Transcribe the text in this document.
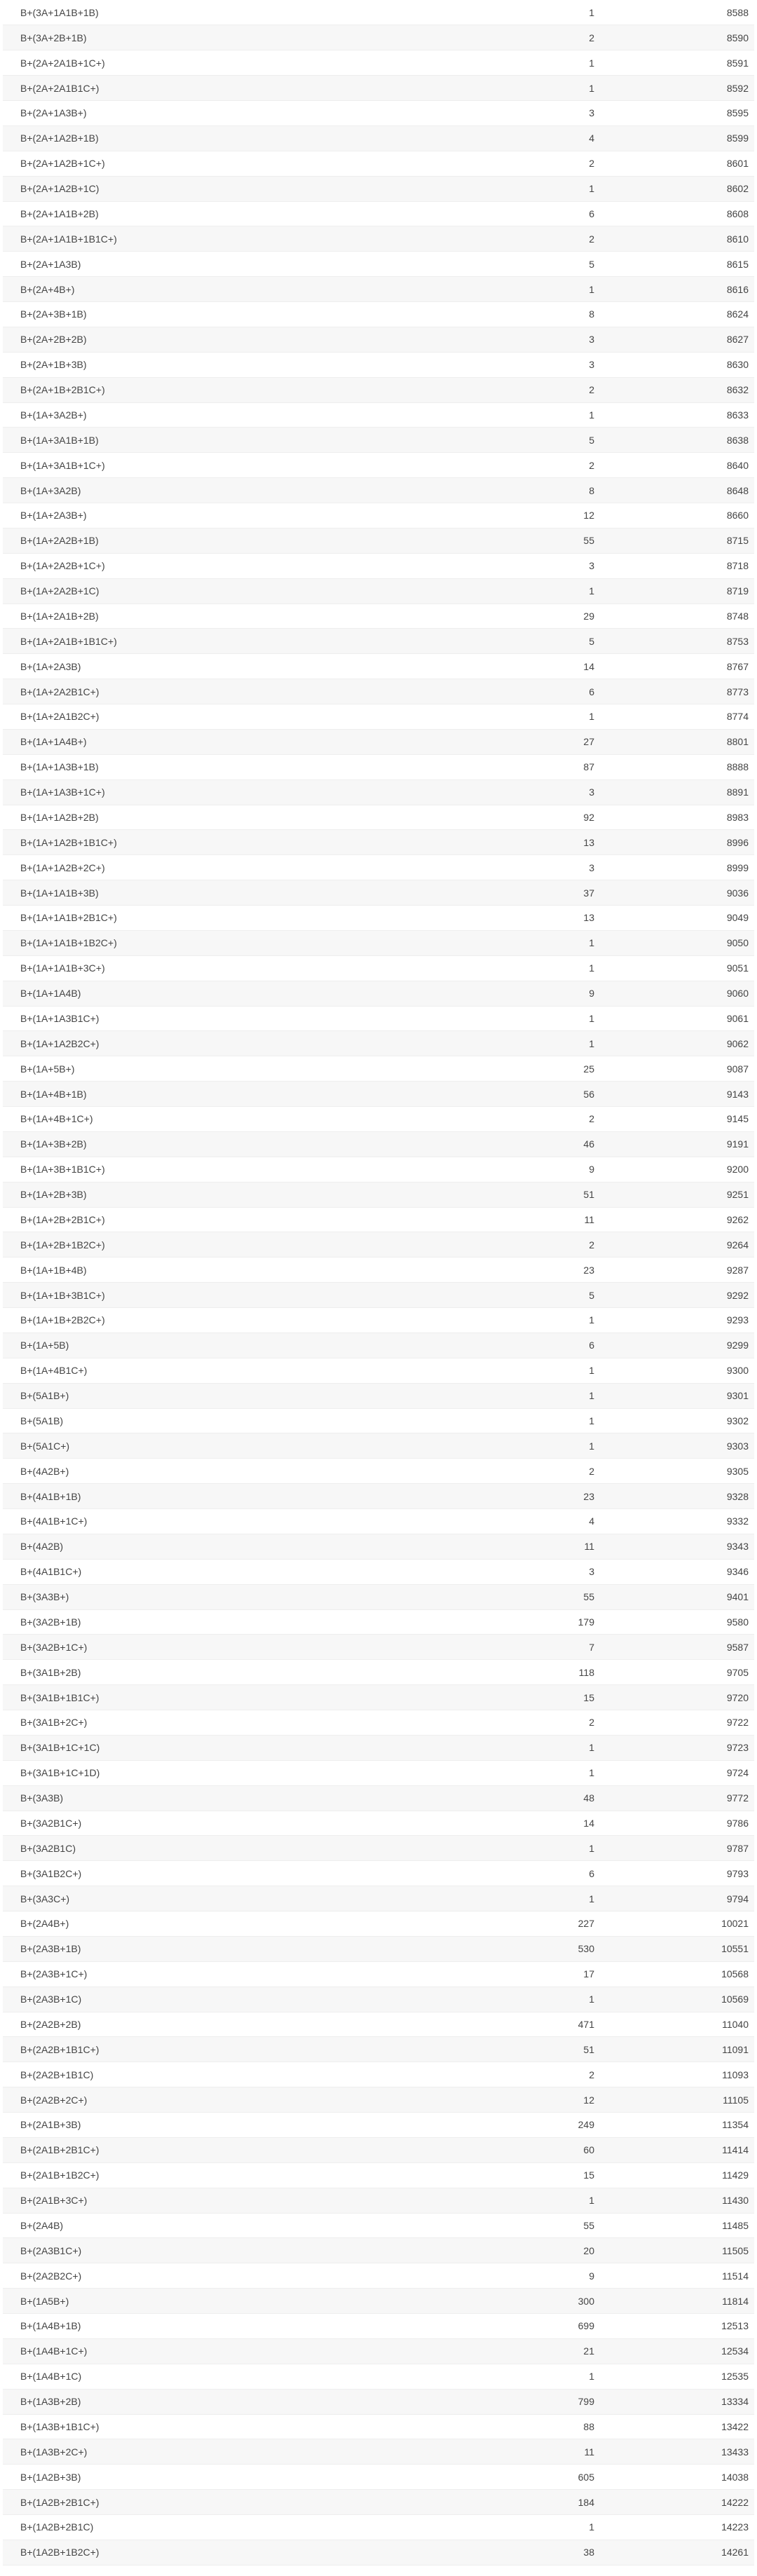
B+(3A+1A1B+1B)	1	8588
B+(3A+2B+1B)	2	8590
B+(2A+2A1B+1C+)	1	8591
B+(2A+2A1B1C+)	1	8592
B+(2A+1A3B+)	3	8595
B+(2A+1A2B+1B)	4	8599
B+(2A+1A2B+1C+)	2	8601
B+(2A+1A2B+1C)	1	8602
B+(2A+1A1B+2B)	6	8608
B+(2A+1A1B+1B1C+)	2	8610
B+(2A+1A3B)	5	8615
B+(2A+4B+)	1	8616
B+(2A+3B+1B)	8	8624
B+(2A+2B+2B)	3	8627
B+(2A+1B+3B)	3	8630
B+(2A+1B+2B1C+)	2	8632
B+(1A+3A2B+)	1	8633
B+(1A+3A1B+1B)	5	8638
B+(1A+3A1B+1C+)	2	8640
B+(1A+3A2B)	8	8648
B+(1A+2A3B+)	12	8660
B+(1A+2A2B+1B)	55	8715
B+(1A+2A2B+1C+)	3	8718
B+(1A+2A2B+1C)	1	8719
B+(1A+2A1B+2B)	29	8748
B+(1A+2A1B+1B1C+)	5	8753
B+(1A+2A3B)	14	8767
B+(1A+2A2B1C+)	6	8773
B+(1A+2A1B2C+)	1	8774
B+(1A+1A4B+)	27	8801
B+(1A+1A3B+1B)	87	8888
B+(1A+1A3B+1C+)	3	8891
B+(1A+1A2B+2B)	92	8983
B+(1A+1A2B+1B1C+)	13	8996
B+(1A+1A2B+2C+)	3	8999
B+(1A+1A1B+3B)	37	9036
B+(1A+1A1B+2B1C+)	13	9049
B+(1A+1A1B+1B2C+)	1	9050
B+(1A+1A1B+3C+)	1	9051
B+(1A+1A4B)	9	9060
B+(1A+1A3B1C+)	1	9061
B+(1A+1A2B2C+)	1	9062
B+(1A+5B+)	25	9087
B+(1A+4B+1B)	56	9143
B+(1A+4B+1C+)	2	9145
B+(1A+3B+2B)	46	9191
B+(1A+3B+1B1C+)	9	9200
B+(1A+2B+3B)	51	9251
B+(1A+2B+2B1C+)	11	9262
B+(1A+2B+1B2C+)	2	9264
B+(1A+1B+4B)	23	9287
B+(1A+1B+3B1C+)	5	9292
B+(1A+1B+2B2C+)	1	9293
B+(1A+5B)	6	9299
B+(1A+4B1C+)	1	9300
B+(5A1B+)	1	9301
B+(5A1B)	1	9302
B+(5A1C+)	1	9303
B+(4A2B+)	2	9305
B+(4A1B+1B)	23	9328
B+(4A1B+1C+)	4	9332
B+(4A2B)	11	9343
B+(4A1B1C+)	3	9346
B+(3A3B+)	55	9401
B+(3A2B+1B)	179	9580
B+(3A2B+1C+)	7	9587
B+(3A1B+2B)	118	9705
B+(3A1B+1B1C+)	15	9720
B+(3A1B+2C+)	2	9722
B+(3A1B+1C+1C)	1	9723
B+(3A1B+1C+1D)	1	9724
B+(3A3B)	48	9772
B+(3A2B1C+)	14	9786
B+(3A2B1C)	1	9787
B+(3A1B2C+)	6	9793
B+(3A3C+)	1	9794
B+(2A4B+)	227	10021
B+(2A3B+1B)	530	10551
B+(2A3B+1C+)	17	10568
B+(2A3B+1C)	1	10569
B+(2A2B+2B)	471	11040
B+(2A2B+1B1C+)	51	11091
B+(2A2B+1B1C)	2	11093
B+(2A2B+2C+)	12	11105
B+(2A1B+3B)	249	11354
B+(2A1B+2B1C+)	60	11414
B+(2A1B+1B2C+)	15	11429
B+(2A1B+3C+)	1	11430
B+(2A4B)	55	11485
B+(2A3B1C+)	20	11505
B+(2A2B2C+)	9	11514
B+(1A5B+)	300	11814
B+(1A4B+1B)	699	12513
B+(1A4B+1C+)	21	12534
B+(1A4B+1C)	1	12535
B+(1A3B+2B)	799	13334
B+(1A3B+1B1C+)	88	13422
B+(1A3B+2C+)	11	13433
B+(1A2B+3B)	605	14038
B+(1A2B+2B1C+)	184	14222
B+(1A2B+2B1C)	1	14223
B+(1A2B+1B2C+)	38	14261
